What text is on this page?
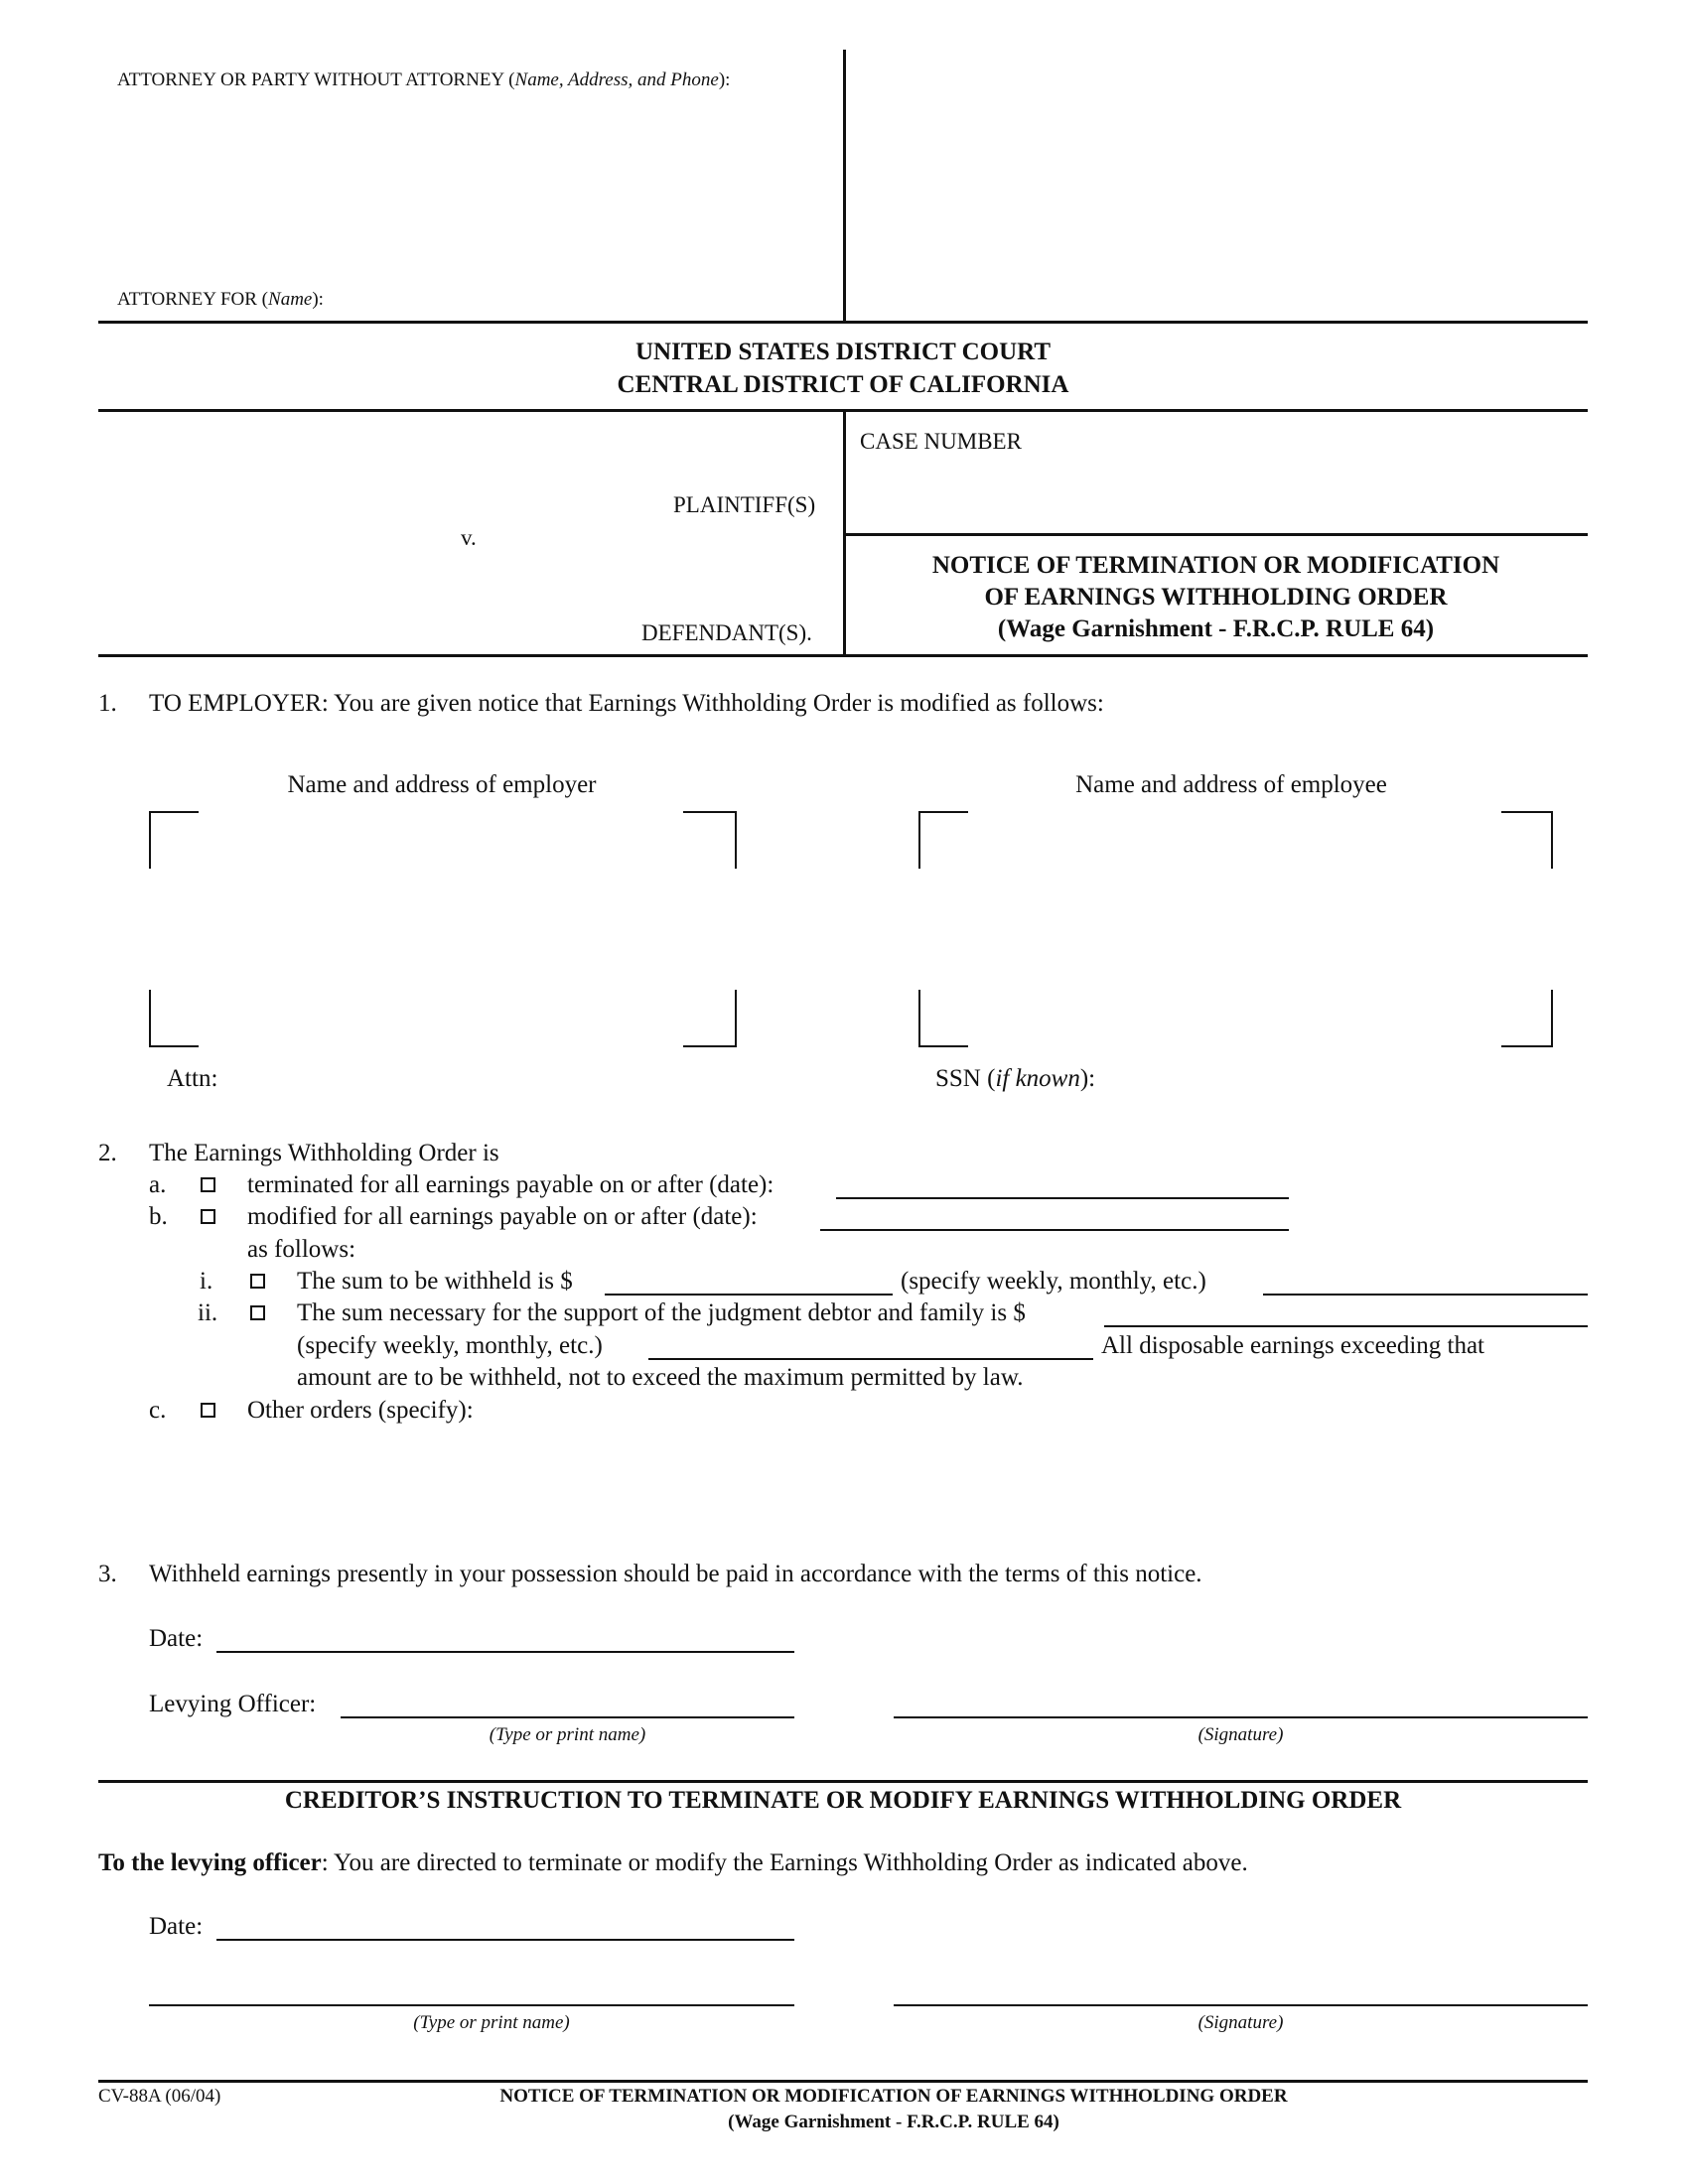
ATTORNEY OR PARTY WITHOUT ATTORNEY (Name, Address, and Phone):
ATTORNEY FOR (Name):
UNITED STATES DISTRICT COURT
CENTRAL DISTRICT OF CALIFORNIA
CASE NUMBER
PLAINTIFF(S)
v.
DEFENDANT(S).
NOTICE OF TERMINATION OR MODIFICATION
OF EARNINGS WITHHOLDING ORDER
(Wage Garnishment - F.R.C.P. RULE 64)
1. TO EMPLOYER: You are given notice that Earnings Withholding Order is modified as follows:
Name and address of employer	Name and address of employee
Attn:	SSN (if known):
2. The Earnings Withholding Order is
a.	terminated for all earnings payable on or after (date):
b.	modified for all earnings payable on or after (date):
as follows:
i.	The sum to be withheld is $	(specify weekly, monthly, etc.)
ii.	The sum necessary for the support of the judgment debtor and family is $
(specify weekly, monthly, etc.)	All disposable earnings exceeding that
amount are to be withheld, not to exceed the maximum permitted by law.
c.	Other orders (specify):
3. Withheld earnings presently in your possession should be paid in accordance with the terms of this notice.
Date:
Levying Officer:
(Type or print name)	(Signature)
CREDITOR’S INSTRUCTION TO TERMINATE OR MODIFY EARNINGS WITHHOLDING ORDER
To the levying officer: You are directed to terminate or modify the Earnings Withholding Order as indicated above.
Date:
(Type or print name)	(Signature)
CV-88A (06/04)	NOTICE OF TERMINATION OR MODIFICATION OF EARNINGS WITHHOLDING ORDER
(Wage Garnishment - F.R.C.P. RULE 64)
